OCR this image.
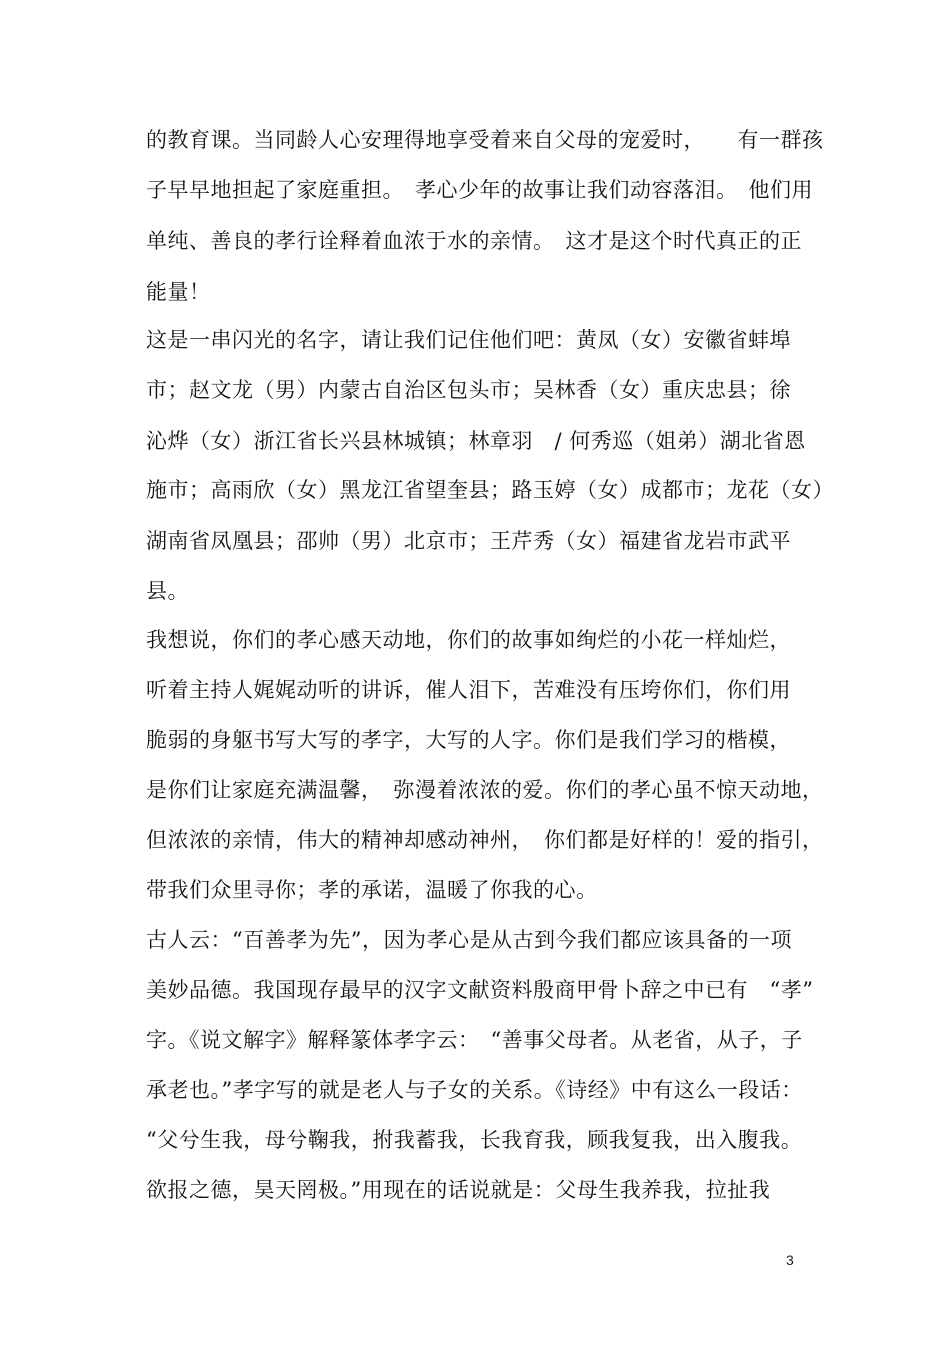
的教育课。当同龄人心安理得地享受着来自父母的宠爱时，　　有一群孩
子早早地担起了家庭重担。　孝心少年的故事让我们动容落泪。　他们用
单纯、善良的孝行诠释着血浓于水的亲情。　这才是这个时代真正的正
能量！
这是一串闪光的名字，请让我们记住他们吧：黄凤（女）安徽省蚌埠
市；赵文龙（男）内蒙古自治区包头市；吴林香（女）重庆忠县；徐
沁烨（女）浙江省长兴县林城镇；林章羽　/ 何秀巡（姐弟）湖北省恩
施市；高雨欣（女）黑龙江省望奎县；路玉婷（女）成都市；龙花（女）
湖南省凤凰县；邵帅（男）北京市；王芹秀（女）福建省龙岩市武平
县。
我想说，你们的孝心感天动地，你们的故事如绚烂的小花一样灿烂，
听着主持人娓娓动听的讲诉，催人泪下，苦难没有压垮你们，你们用
脆弱的身躯书写大写的孝字，大写的人字。你们是我们学习的楷模，
是你们让家庭充满温馨，　弥漫着浓浓的爱。你们的孝心虽不惊天动地，
但浓浓的亲情，伟大的精神却感动神州，　你们都是好样的！爱的指引，
带我们众里寻你；孝的承诺，温暖了你我的心。
古人云：“百善孝为先”，因为孝心是从古到今我们都应该具备的一项
美妙品德。我国现存最早的汉字文献资料殷商甲骨卜辞之中已有　“孝”
字。《说文解字》解释篆体孝字云：　“善事父母者。从老省，从子，子
承老也。”孝字写的就是老人与子女的关系。《诗经》中有这么一段话：
“父兮生我，母兮鞠我，拊我蓄我，长我育我，顾我复我，出入腹我。
欲报之德，昊天罔极。”用现在的话说就是：父母生我养我，拉扯我
3
